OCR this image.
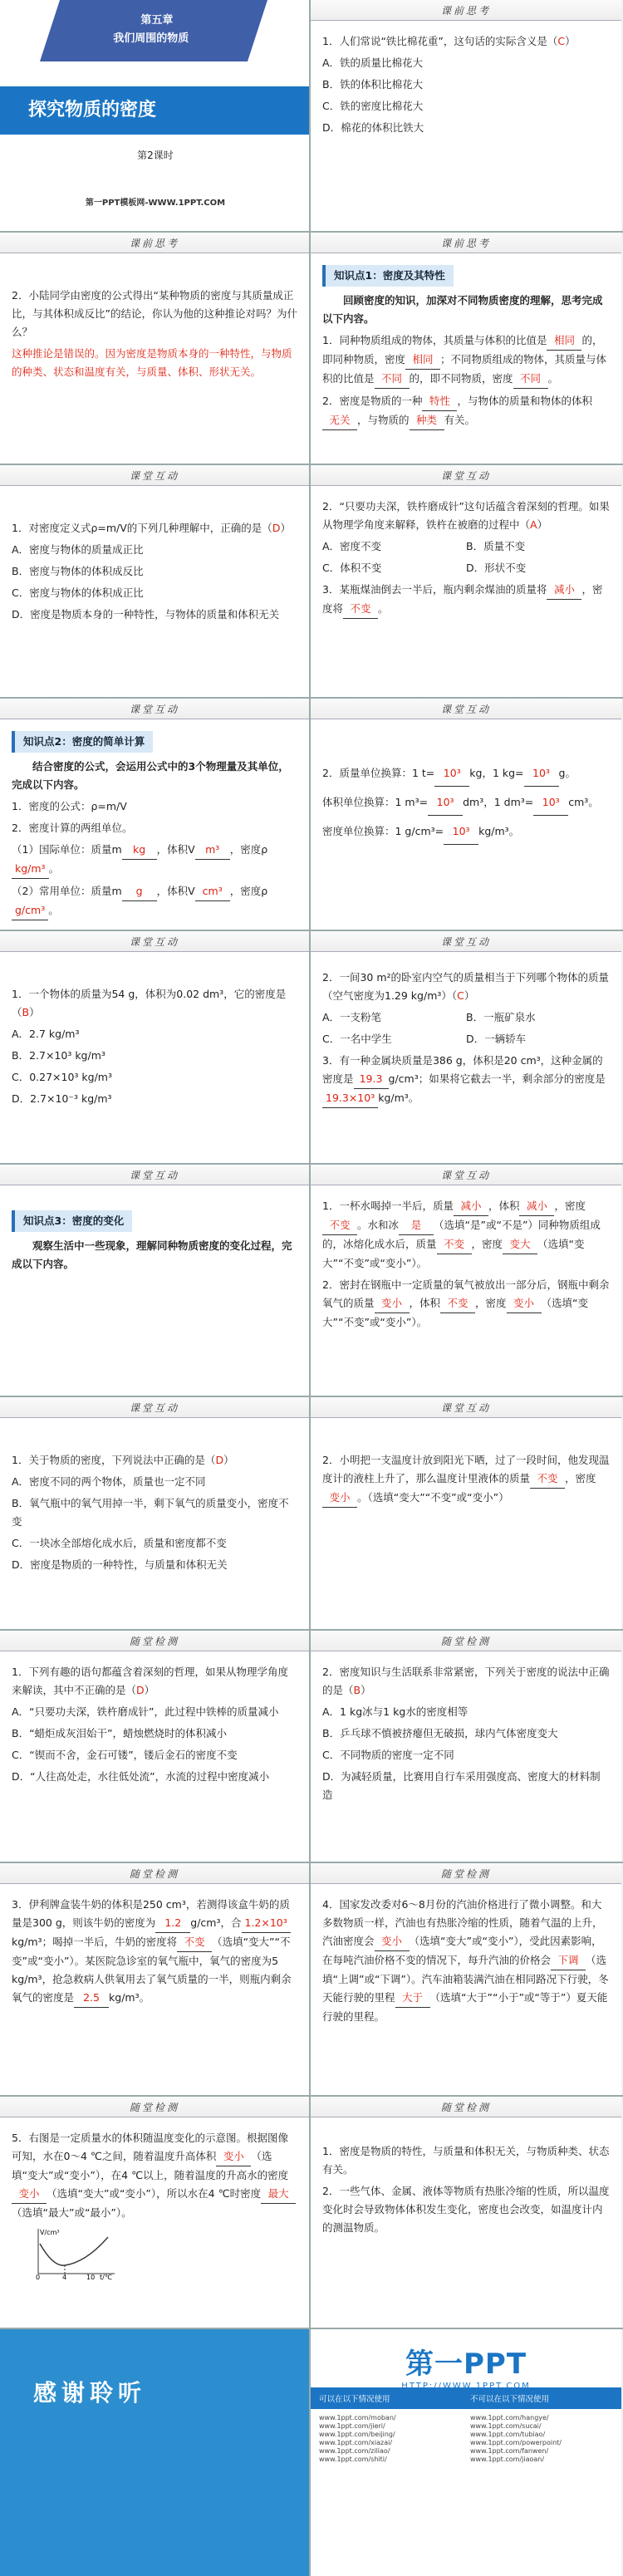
第五章
我们周围的物质
探究物质的密度
第2课时
第一PPT模板网-WWW.1PPT.COM
课前思考

1．人们常说“铁比棉花重”，这句话的实际含义是（C）

A．铁的质量比棉花大

B．铁的体积比棉花大

C．铁的密度比棉花大

D．棉花的体积比铁大

课前思考

2．小陆同学由密度的公式得出“某种物质的密度与其质量成正比，与其体积成反比”的结论，你认为他的这种推论对吗？为什么？

这种推论是错误的。因为密度是物质本身的一种特性，与物质的种类、状态和温度有关，与质量、体积、形状无关。

课前思考
知识点1：密度及其特性

回顾密度的知识，加深对不同物质密度的理解，思考完成以下内容。

1．同种物质组成的物体，其质量与体积的比值是 相同 的，即同种物质，密度 相同 ；不同物质组成的物体，其质量与体积的比值是 不同 的，即不同物质，密度 不同 。

2．密度是物质的一种 特性 ，与物体的质量和物体的体积无关 ，与物质的 种类 有关。

课堂互动

1．对密度定义式ρ=m/V的下列几种理解中，正确的是（D）

A．密度与物体的质量成正比

B．密度与物体的体积成反比

C．密度与物体的体积成正比

D．密度是物质本身的一种特性，与物体的质量和体积无关

课堂互动

2．“只要功夫深，铁杵磨成针”这句话蕴含着深刻的哲理。如果从物理学角度来解释，铁杵在被磨的过程中（A）

A．密度不变	B．质量不变

C．体积不变	D．形状不变

3．某瓶煤油倒去一半后，瓶内剩余煤油的质量将 减小 ，密度将 不变 。

课堂互动
知识点2：密度的简单计算

结合密度的公式，会运用公式中的3个物理量及其单位，完成以下内容。

1．密度的公式：ρ=m/V

2．密度计算的两组单位。

（1）国际单位：质量m kg ，体积V m³ ，密度ρkg/m³ 。

（2）常用单位：质量m g ，体积V cm³ ，密度ρg/cm³ 。

课堂互动

2．质量单位换算：1 t= 10³ kg，1 kg= 10³ g。

体积单位换算：1 m³= 10³ dm³，1 dm³= 10³ cm³。

密度单位换算：1 g/cm³= 10³ kg/m³。

课堂互动

1．一个物体的质量为54 g，体积为0.02 dm³，它的密度是（B）

A．2.7 kg/m³

B．2.7×10³ kg/m³

C．0.27×10³ kg/m³

D．2.7×10⁻³ kg/m³

课堂互动

2．一间30 m²的卧室内空气的质量相当于下列哪个物体的质量（空气密度为1.29 kg/m³）（C）

A．一支粉笔	B．一瓶矿泉水

C．一名中学生	D．一辆轿车

3．有一种金属块质量是386 g，体积是20 cm³，这种金属的密度是 19.3 g/cm³；如果将它截去一半，剩余部分的密度是19.3×10³ kg/m³。

课堂互动
知识点3：密度的变化

观察生活中一些现象，理解同种物质密度的变化过程，完成以下内容。

课堂互动

1．一杯水喝掉一半后，质量 减小 ，体积 减小 ，密度不变 。水和冰 是 （选填“是”或“不是”）同种物质组成的，冰熔化成水后，质量 不变 ，密度 变大 （选填“变大”“不变”或“变小”）。

2．密封在钢瓶中一定质量的氧气被放出一部分后，钢瓶中剩余氧气的质量 变小 ，体积 不变 ，密度 变小 （选填“变大”“不变”或“变小”）。

课堂互动

1．关于物质的密度，下列说法中正确的是（D）

A．密度不同的两个物体，质量也一定不同

B．氧气瓶中的氧气用掉一半，剩下氧气的质量变小，密度不变

C．一块冰全部熔化成水后，质量和密度都不变

D．密度是物质的一种特性，与质量和体积无关

课堂互动

2．小明把一支温度计放到阳光下晒，过了一段时间，他发现温度计的液柱上升了，那么温度计里液体的质量 不变 ，密度变小 。（选填“变大”“不变”或“变小”）

随堂检测

1．下列有趣的语句都蕴含着深刻的哲理，如果从物理学角度来解读，其中不正确的是（D）

A．“只要功夫深，铁杵磨成针”，此过程中铁棒的质量减小

B．“蜡炬成灰泪始干”，蜡烛燃烧时的体积减小

C．“锲而不舍，金石可镂”，镂后金石的密度不变

D．“人往高处走，水往低处流”，水流的过程中密度减小

随堂检测

2．密度知识与生活联系非常紧密，下列关于密度的说法中正确的是（B）

A．1 kg冰与1 kg水的密度相等

B．乒乓球不慎被挤瘪但无破损，球内气体密度变大

C．不同物质的密度一定不同

D．为减轻质量，比赛用自行车采用强度高、密度大的材料制造

随堂检测

3．伊利牌盒装牛奶的体积是250 cm³，若测得该盒牛奶的质量是300 g，则该牛奶的密度为 1.2 g/cm³，合 1.2×10³kg/m³；喝掉一半后，牛奶的密度将 不变 （选填“变大”“不变”或“变小”）。某医院急诊室的氧气瓶中，氧气的密度为5 kg/m³，抢急救病人供氧用去了氧气质量的一半，则瓶内剩余氧气的密度是 2.5 kg/m³。

随堂检测

4．国家发改委对6～8月份的汽油价格进行了微小调整。和大多数物质一样，汽油也有热胀冷缩的性质，随着气温的上升，汽油密度会 变小 （选填“变大”或“变小”），受此因素影响，在每吨汽油价格不变的情况下，每升汽油的价格会 下调 （选填“上调”或“下调”）。汽车油箱装满汽油在相同路况下行驶，冬天能行驶的里程 大于 （选填“大于”“小于”或“等于”）夏天能行驶的里程。

随堂检测

5．右图是一定质量水的体积随温度变化的示意图。根据图像可知，水在0～4 ℃之间，随着温度升高体积 变小 （选填“变大”或“变小”），在4 ℃以上，随着温度的升高水的密度变小 （选填“变大”或“变小”），所以水在4 ℃时密度 最大（选填“最大”或“最小”）。

V/cm³
t/℃
0	4	10
随堂检测

1．密度是物质的特性，与质量和体积无关，与物质种类、状态有关。

2．一些气体、金属、液体等物质有热胀冷缩的性质，所以温度变化时会导致物体体积发生变化，密度也会改变，如温度计内的测温物质。

感谢聆听
第一PPT
HTTP://WWW.1PPT.COM
可以在以下情况使用	不可以在以下情况使用
www.1ppt.com/moban/	www.1ppt.com/hangye/
www.1ppt.com/jieri/	www.1ppt.com/sucai/
www.1ppt.com/beijing/	www.1ppt.com/tubiao/
www.1ppt.com/xiazai/	www.1ppt.com/powerpoint/
www.1ppt.com/ziliao/	www.1ppt.com/fanwen/
www.1ppt.com/shiti/	www.1ppt.com/jiaoan/
